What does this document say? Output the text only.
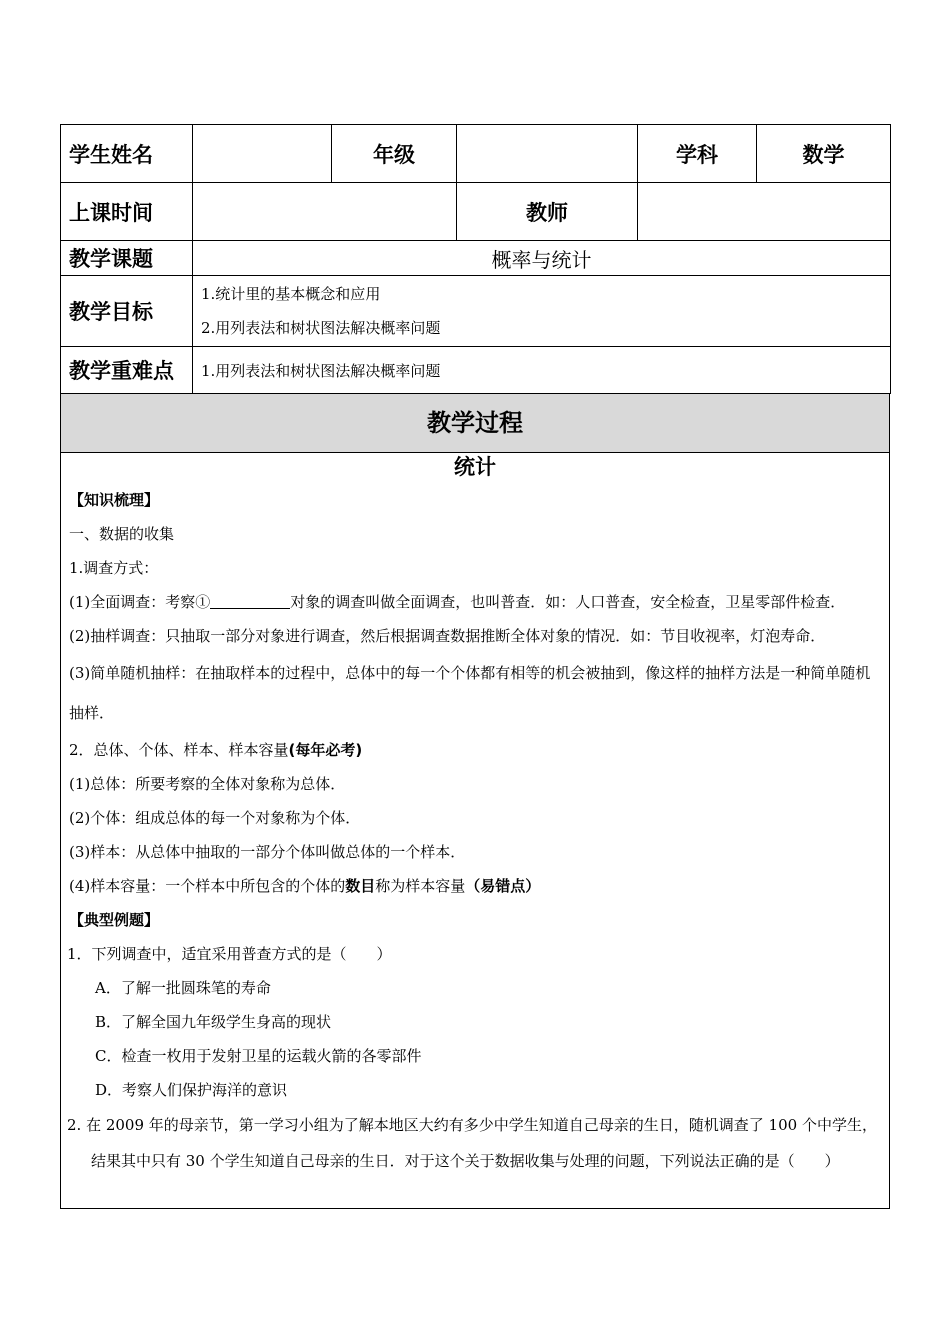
学生姓名		年级		学科	数学
上课时间			教师		
教学课题	概率与统计				
教学目标	1.统计里的基本概念和应用
2.用列表法和树状图法解决概率问题				

教学重难点	1.用列表法和树状图法解决概率问题				
教学过程
统计
【知识梳理】
一、数据的收集
1.调查方式：
(1)全面调查：考察①	对象的调查叫做全面调查，也叫普查．如：人口普查，安全检查，卫星零部件检查．
(2)抽样调查：只抽取一部分对象进行调查，然后根据调查数据推断全体对象的情况．如：节目收视率，灯泡寿命．
(3)简单随机抽样：在抽取样本的过程中，总体中的每一个个体都有相等的机会被抽到，像这样的抽样方法是一种简单随机抽样．
2．总体、个体、样本、样本容量(每年必考)
(1)总体：所要考察的全体对象称为总体．
(2)个体：组成总体的每一个对象称为个体．
(3)样本：从总体中抽取的一部分个体叫做总体的一个样本．
(4)样本容量：一个样本中所包含的个体的数目称为样本容量（易错点）
【典型例题】
1．下列调查中，适宜采用普查方式的是（　　）
A．了解一批圆珠笔的寿命
B．了解全国九年级学生身高的现状
C．检查一枚用于发射卫星的运载火箭的各零部件
D．考察人们保护海洋的意识
2. 在 2009 年的母亲节，第一学习小组为了解本地区大约有多少中学生知道自己母亲的生日，随机调查了 100 个中学生，结果其中只有 30 个学生知道自己母亲的生日．对于这个关于数据收集与处理的问题，下列说法正确的是（　　）
